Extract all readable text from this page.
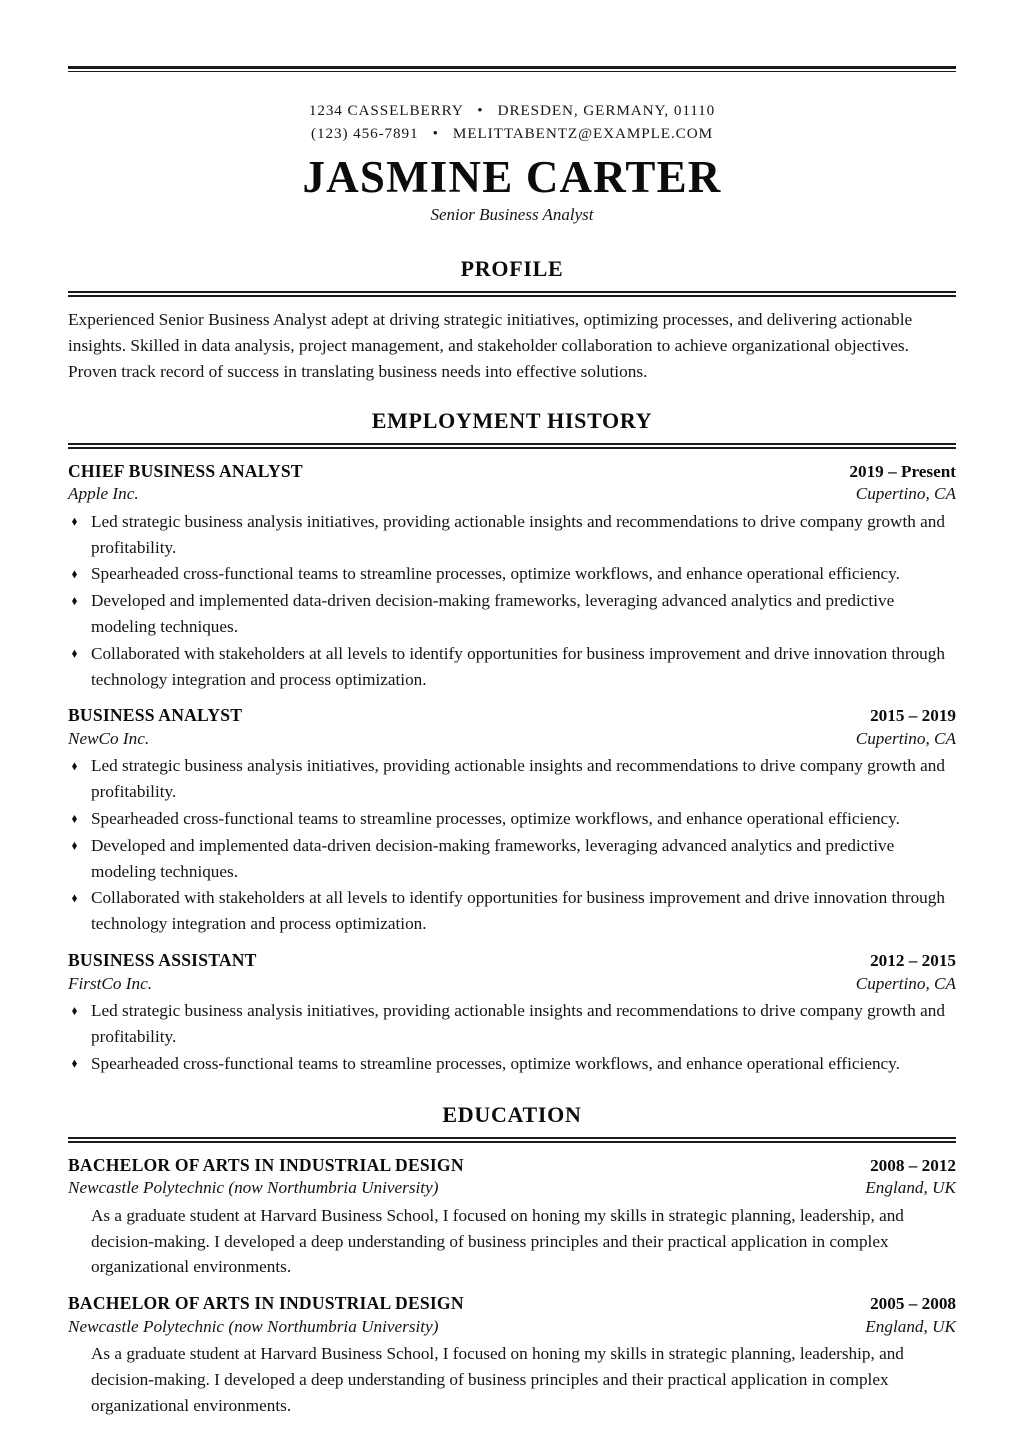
1234 CASSELBERRY   •   DRESDEN, GERMANY, 01110
(123) 456-7891   •   MELITTABENTZ@EXAMPLE.COM
JASMINE CARTER
Senior Business Analyst
PROFILE
Experienced Senior Business Analyst adept at driving strategic initiatives, optimizing processes, and delivering actionable insights. Skilled in data analysis, project management, and stakeholder collaboration to achieve organizational objectives. Proven track record of success in translating business needs into effective solutions.
EMPLOYMENT HISTORY
CHIEF BUSINESS ANALYST	2019 – Present
Apple Inc.	Cupertino, CA
Led strategic business analysis initiatives, providing actionable insights and recommendations to drive company growth and profitability.
Spearheaded cross-functional teams to streamline processes, optimize workflows, and enhance operational efficiency.
Developed and implemented data-driven decision-making frameworks, leveraging advanced analytics and predictive modeling techniques.
Collaborated with stakeholders at all levels to identify opportunities for business improvement and drive innovation through technology integration and process optimization.
BUSINESS ANALYST	2015 – 2019
NewCo Inc.	Cupertino, CA
Led strategic business analysis initiatives, providing actionable insights and recommendations to drive company growth and profitability.
Spearheaded cross-functional teams to streamline processes, optimize workflows, and enhance operational efficiency.
Developed and implemented data-driven decision-making frameworks, leveraging advanced analytics and predictive modeling techniques.
Collaborated with stakeholders at all levels to identify opportunities for business improvement and drive innovation through technology integration and process optimization.
BUSINESS ASSISTANT	2012 – 2015
FirstCo Inc.	Cupertino, CA
Led strategic business analysis initiatives, providing actionable insights and recommendations to drive company growth and profitability.
Spearheaded cross-functional teams to streamline processes, optimize workflows, and enhance operational efficiency.
EDUCATION
BACHELOR OF ARTS IN INDUSTRIAL DESIGN	2008 – 2012
Newcastle Polytechnic (now Northumbria University)	England, UK
As a graduate student at Harvard Business School, I focused on honing my skills in strategic planning, leadership, and decision-making. I developed a deep understanding of business principles and their practical application in complex organizational environments.
BACHELOR OF ARTS IN INDUSTRIAL DESIGN	2005 – 2008
Newcastle Polytechnic (now Northumbria University)	England, UK
As a graduate student at Harvard Business School, I focused on honing my skills in strategic planning, leadership, and decision-making. I developed a deep understanding of business principles and their practical application in complex organizational environments.
